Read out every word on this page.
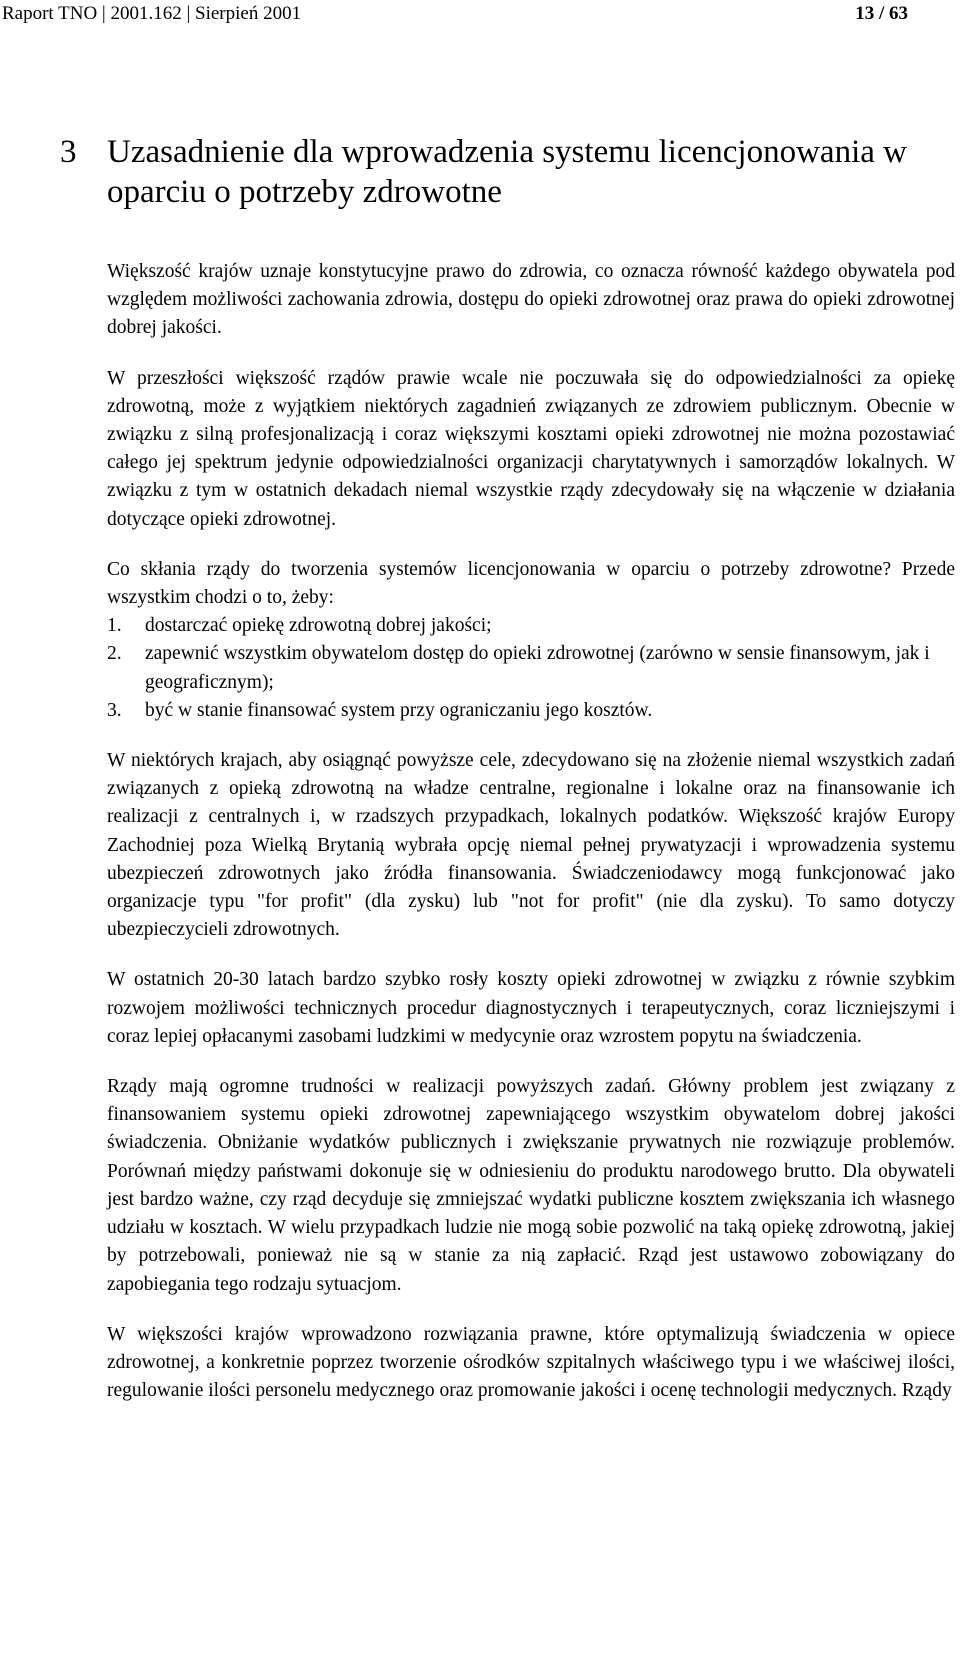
Raport TNO | 2001.162 | Sierpień 2001	13 / 63
3 Uzasadnienie dla wprowadzenia systemu licencjonowania w oparciu o potrzeby zdrowotne

Większość krajów uznaje konstytucyjne prawo do zdrowia, co oznacza równość każdego obywatela pod względem możliwości zachowania zdrowia, dostępu do opieki zdrowotnej oraz prawa do opieki zdrowotnej dobrej jakości.

W przeszłości większość rządów prawie wcale nie poczuwała się do odpowiedzialności za opiekę zdrowotną, może z wyjątkiem niektórych zagadnień związanych ze zdrowiem publicznym. Obecnie w związku z silną profesjonalizacją i coraz większymi kosztami opieki zdrowotnej nie można pozostawiać całego jej spektrum jedynie odpowiedzialności organizacji charytatywnych i samorządów lokalnych. W związku z tym w ostatnich dekadach niemal wszystkie rządy zdecydowały się na włączenie w działania dotyczące opieki zdrowotnej.

Co skłania rządy do tworzenia systemów licencjonowania w oparciu o potrzeby zdrowotne? Przede wszystkim chodzi o to, żeby:

1. dostarczać opiekę zdrowotną dobrej jakości;
2. zapewnić wszystkim obywatelom dostęp do opieki zdrowotnej (zarówno w sensie finansowym, jak i geograficznym);
3. być w stanie finansować system przy ograniczaniu jego kosztów.

W niektórych krajach, aby osiągnąć powyższe cele, zdecydowano się na złożenie niemal wszystkich zadań związanych z opieką zdrowotną na władze centralne, regionalne i lokalne oraz na finansowanie ich realizacji z centralnych i, w rzadszych przypadkach, lokalnych podatków. Większość krajów Europy Zachodniej poza Wielką Brytanią wybrała opcję niemal pełnej prywatyzacji i wprowadzenia systemu ubezpieczeń zdrowotnych jako źródła finansowania. Świadczeniodawcy mogą funkcjonować jako organizacje typu "for profit" (dla zysku) lub "not for profit" (nie dla zysku). To samo dotyczy ubezpieczycieli zdrowotnych.

W ostatnich 20-30 latach bardzo szybko rosły koszty opieki zdrowotnej w związku z równie szybkim rozwojem możliwości technicznych procedur diagnostycznych i terapeutycznych, coraz liczniejszymi i coraz lepiej opłacanymi zasobami ludzkimi w medycynie oraz wzrostem popytu na świadczenia.

Rządy mają ogromne trudności w realizacji powyższych zadań. Główny problem jest związany z finansowaniem systemu opieki zdrowotnej zapewniającego wszystkim obywatelom dobrej jakości świadczenia. Obniżanie wydatków publicznych i zwiększanie prywatnych nie rozwiązuje problemów. Porównań między państwami dokonuje się w odniesieniu do produktu narodowego brutto. Dla obywateli jest bardzo ważne, czy rząd decyduje się zmniejszać wydatki publiczne kosztem zwiększania ich własnego udziału w kosztach. W wielu przypadkach ludzie nie mogą sobie pozwolić na taką opiekę zdrowotną, jakiej by potrzebowali, ponieważ nie są w stanie za nią zapłacić. Rząd jest ustawowo zobowiązany do zapobiegania tego rodzaju sytuacjom.

W większości krajów wprowadzono rozwiązania prawne, które optymalizują świadczenia w opiece zdrowotnej, a konkretnie poprzez tworzenie ośrodków szpitalnych właściwego typu i we właściwej ilości, regulowanie ilości personelu medycznego oraz promowanie jakości i ocenę technologii medycznych. Rządy
